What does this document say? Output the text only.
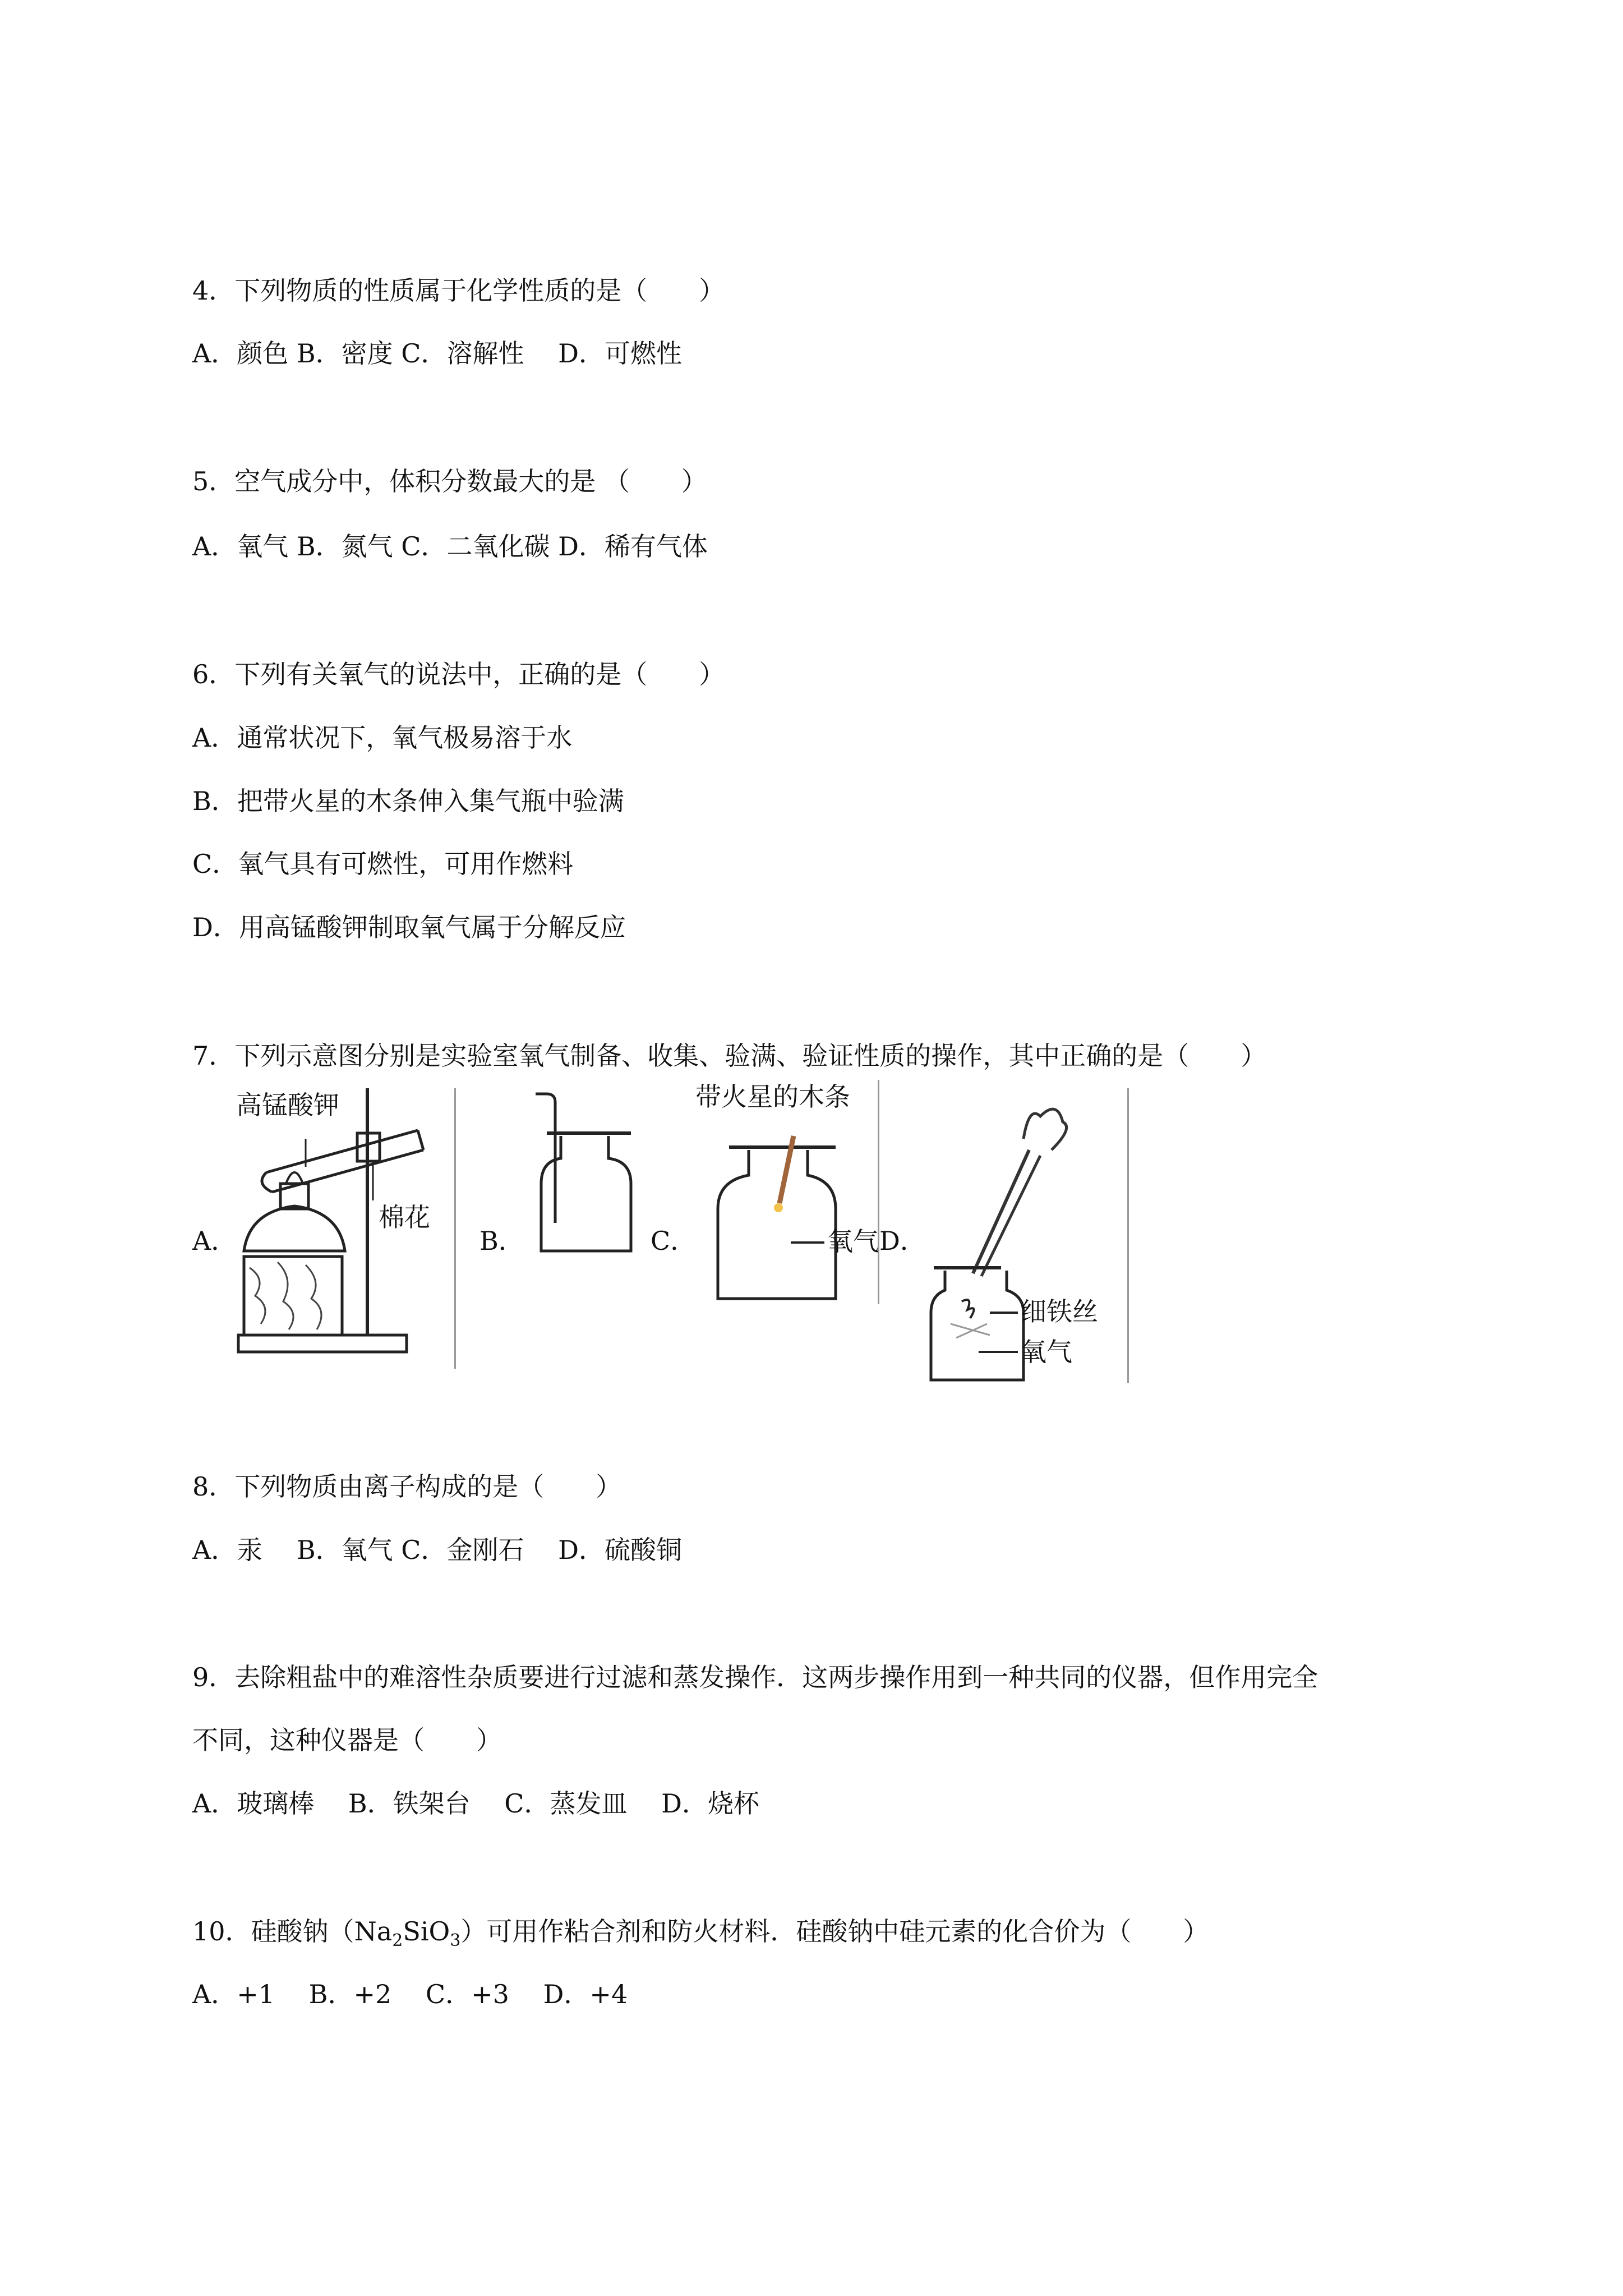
4．下列物质的性质属于化学性质的是（　　）
A．颜色 B．密度 C．溶解性　 D．可燃性
5．空气成分中，体积分数最大的是 （　　）
A．氧气 B．氮气 C．二氧化碳 D．稀有气体
6．下列有关氧气的说法中，正确的是（　　）
A．通常状况下，氧气极易溶于水
B．把带火星的木条伸入集气瓶中验满
C．氧气具有可燃性，可用作燃料
D．用高锰酸钾制取氧气属于分解反应
7．下列示意图分别是实验室氧气制备、收集、验满、验证性质的操作，其中正确的是（　　）
A．	B．	C．	D．
高锰酸钾
棉花
带火星的木条
氧气
细铁丝
氧气
8．下列物质由离子构成的是（　　）
A．汞　 B．氧气 C．金刚石　 D．硫酸铜
9．去除粗盐中的难溶性杂质要进行过滤和蒸发操作．这两步操作用到一种共同的仪器，但作用完全
不同，这种仪器是（　　）
A．玻璃棒　 B．铁架台　 C．蒸发皿　 D．烧杯
10．硅酸钠$(Na_2SiO_3)$可用作粘合剂和防火材料．硅酸钠中硅元素的化合价为（　　）
A．+1　 B．+2　 C．+3　 D．+4
